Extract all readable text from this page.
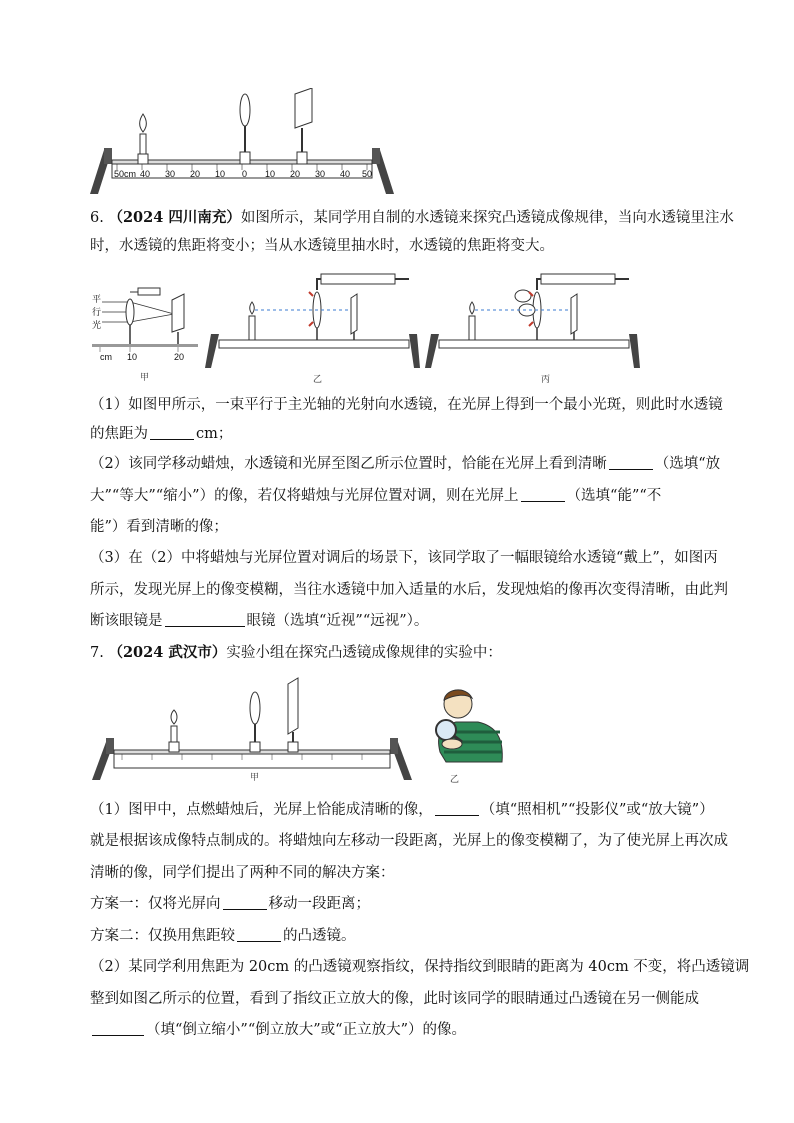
50cm 40 30 20 10 0 10 20 30 40 50
6. （2024 四川南充）如图所示，某同学用自制的水透镜来探究凸透镜成像规律，当向水透镜里注水
时，水透镜的焦距将变小；当从水透镜里抽水时，水透镜的焦距将变大。
平
行
光
cm 10	20
甲	乙	丙
（1）如图甲所示，一束平行于主光轴的光射向水透镜，在光屏上得到一个最小光斑，则此时水透镜
的焦距为	cm；
（2）该同学移动蜡烛，水透镜和光屏至图乙所示位置时，恰能在光屏上看到清晰	（选填“放
大”“等大”“缩小”）的像，若仅将蜡烛与光屏位置对调，则在光屏上	（选填“能”“不
能”）看到清晰的像；
（3）在（2）中将蜡烛与光屏位置对调后的场景下，该同学取了一幅眼镜给水透镜“戴上”，如图丙
所示，发现光屏上的像变模糊，当往水透镜中加入适量的水后，发现烛焰的像再次变得清晰，由此判
断该眼镜是	眼镜（选填“近视”“远视”）。
7. （2024 武汉市）实验小组在探究凸透镜成像规律的实验中：
甲	乙
（1）图甲中，点燃蜡烛后，光屏上恰能成清晰的像，	（填“照相机”“投影仪”或“放大镜”）
就是根据该成像特点制成的。将蜡烛向左移动一段距离，光屏上的像变模糊了，为了使光屏上再次成
清晰的像，同学们提出了两种不同的解决方案：
方案一：仅将光屏向	移动一段距离；
方案二：仅换用焦距较	的凸透镜。
（2）某同学利用焦距为 20cm 的凸透镜观察指纹，保持指纹到眼睛的距离为 40cm 不变，将凸透镜调
整到如图乙所示的位置，看到了指纹正立放大的像，此时该同学的眼睛通过凸透镜在另一侧能成
（填“倒立缩小”“倒立放大”或“正立放大”）的像。
